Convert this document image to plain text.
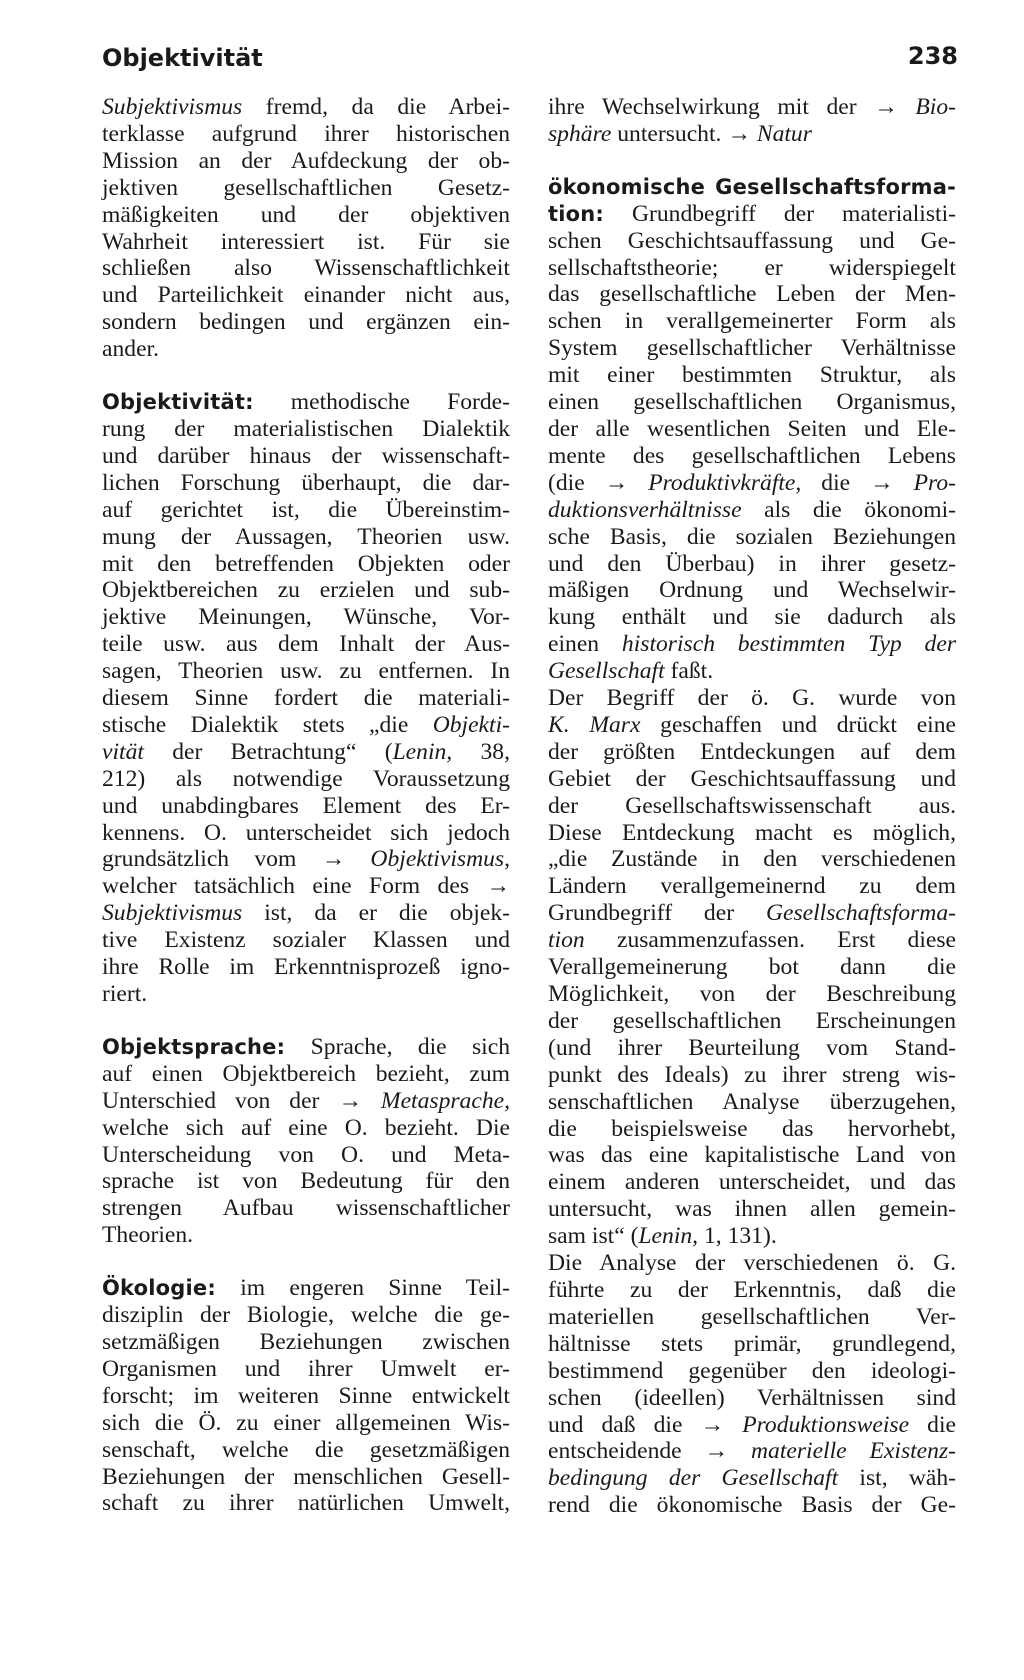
Objektivität	238
Subjektivismus fremd, da die Arbei-
terklasse aufgrund ihrer historischen
Mission an der Aufdeckung der ob-
jektiven gesellschaftlichen Gesetz-
mäßigkeiten und der objektiven
Wahrheit interessiert ist. Für sie
schließen also Wissenschaftlichkeit
und Parteilichkeit einander nicht aus,
sondern bedingen und ergänzen ein-
ander.
Objektivität: methodische Forde-
rung der materialistischen Dialektik
und darüber hinaus der wissenschaft-
lichen Forschung überhaupt, die dar-
auf gerichtet ist, die Übereinstim-
mung der Aussagen, Theorien usw.
mit den betreffenden Objekten oder
Objektbereichen zu erzielen und sub-
jektive Meinungen, Wünsche, Vor-
teile usw. aus dem Inhalt der Aus-
sagen, Theorien usw. zu entfernen. In
diesem Sinne fordert die materiali-
stische Dialektik stets „die Objekti-
vität der Betrachtung“ (Lenin, 38,
212) als notwendige Voraussetzung
und unabdingbares Element des Er-
kennens. O. unterscheidet sich jedoch
grundsätzlich vom → Objektivismus,
welcher tatsächlich eine Form des →
Subjektivismus ist, da er die objek-
tive Existenz sozialer Klassen und
ihre Rolle im Erkenntnisprozeß igno-
riert.
Objektsprache: Sprache, die sich
auf einen Objektbereich bezieht, zum
Unterschied von der → Metasprache,
welche sich auf eine O. bezieht. Die
Unterscheidung von O. und Meta-
sprache ist von Bedeutung für den
strengen Aufbau wissenschaftlicher
Theorien.
Ökologie: im engeren Sinne Teil-
disziplin der Biologie, welche die ge-
setzmäßigen Beziehungen zwischen
Organismen und ihrer Umwelt er-
forscht; im weiteren Sinne entwickelt
sich die Ö. zu einer allgemeinen Wis-
senschaft, welche die gesetzmäßigen
Beziehungen der menschlichen Gesell-
schaft zu ihrer natürlichen Umwelt,
ihre Wechselwirkung mit der → Bio-
sphäre untersucht. → Natur
ökonomische Gesellschaftsforma-
tion: Grundbegriff der materialisti-
schen Geschichtsauffassung und Ge-
sellschaftstheorie; er widerspiegelt
das gesellschaftliche Leben der Men-
schen in verallgemeinerter Form als
System gesellschaftlicher Verhältnisse
mit einer bestimmten Struktur, als
einen gesellschaftlichen Organismus,
der alle wesentlichen Seiten und Ele-
mente des gesellschaftlichen Lebens
(die → Produktivkräfte, die → Pro-
duktionsverhältnisse als die ökonomi-
sche Basis, die sozialen Beziehungen
und den Überbau) in ihrer gesetz-
mäßigen Ordnung und Wechselwir-
kung enthält und sie dadurch als
einen historisch bestimmten Typ der
Gesellschaft faßt.
Der Begriff der ö. G. wurde von
K. Marx geschaffen und drückt eine
der größten Entdeckungen auf dem
Gebiet der Geschichtsauffassung und
der Gesellschaftswissenschaft aus.
Diese Entdeckung macht es möglich,
„die Zustände in den verschiedenen
Ländern verallgemeinernd zu dem
Grundbegriff der Gesellschaftsforma-
tion zusammenzufassen. Erst diese
Verallgemeinerung bot dann die
Möglichkeit, von der Beschreibung
der gesellschaftlichen Erscheinungen
(und ihrer Beurteilung vom Stand-
punkt des Ideals) zu ihrer streng wis-
senschaftlichen Analyse überzugehen,
die beispielsweise das hervorhebt,
was das eine kapitalistische Land von
einem anderen unterscheidet, und das
untersucht, was ihnen allen gemein-
sam ist“ (Lenin, 1, 131).
Die Analyse der verschiedenen ö. G.
führte zu der Erkenntnis, daß die
materiellen gesellschaftlichen Ver-
hältnisse stets primär, grundlegend,
bestimmend gegenüber den ideologi-
schen (ideellen) Verhältnissen sind
und daß die → Produktionsweise die
entscheidende → materielle Existenz-
bedingung der Gesellschaft ist, wäh-
rend die ökonomische Basis der Ge-
